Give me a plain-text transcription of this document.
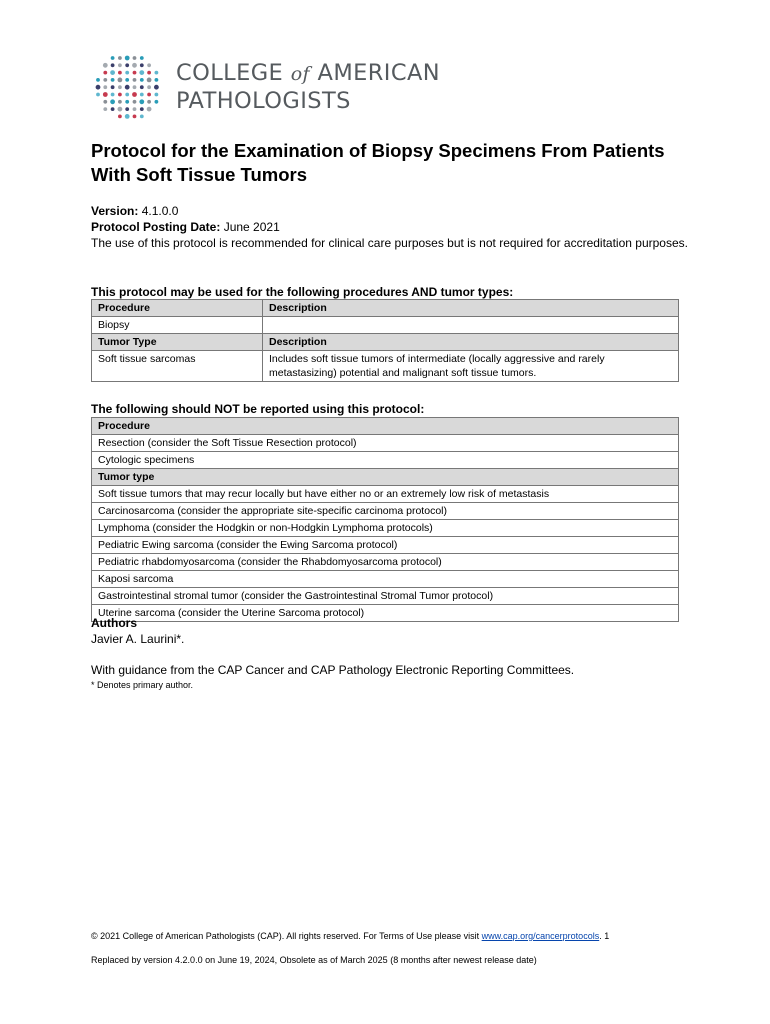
COLLEGE of AMERICAN
PATHOLOGISTS
Protocol for the Examination of Biopsy Specimens From Patients With Soft Tissue Tumors
Version: 4.1.0.0
Protocol Posting Date: June 2021
The use of this protocol is recommended for clinical care purposes but is not required for accreditation purposes.
This protocol may be used for the following procedures AND tumor types:
Procedure	Description
Biopsy	
Tumor Type	Description
Soft tissue sarcomas	Includes soft tissue tumors of intermediate (locally aggressive and rarely metastasizing) potential and malignant soft tissue tumors.
The following should NOT be reported using this protocol:
Procedure
Resection (consider the Soft Tissue Resection protocol)
Cytologic specimens
Tumor type
Soft tissue tumors that may recur locally but have either no or an extremely low risk of metastasis
Carcinosarcoma (consider the appropriate site-specific carcinoma protocol)
Lymphoma (consider the Hodgkin or non-Hodgkin Lymphoma protocols)
Pediatric Ewing sarcoma (consider the Ewing Sarcoma protocol)
Pediatric rhabdomyosarcoma (consider the Rhabdomyosarcoma protocol)
Kaposi sarcoma
Gastrointestinal stromal tumor (consider the Gastrointestinal Stromal Tumor protocol)
Uterine sarcoma (consider the Uterine Sarcoma protocol)
Authors
Javier A. Laurini*.
With guidance from the CAP Cancer and CAP Pathology Electronic Reporting Committees.
* Denotes primary author.
© 2021 College of American Pathologists (CAP). All rights reserved. For Terms of Use please visit www.cap.org/cancerprotocols. 1
Replaced by version 4.2.0.0 on June 19, 2024, Obsolete as of March 2025 (8 months after newest release date)
